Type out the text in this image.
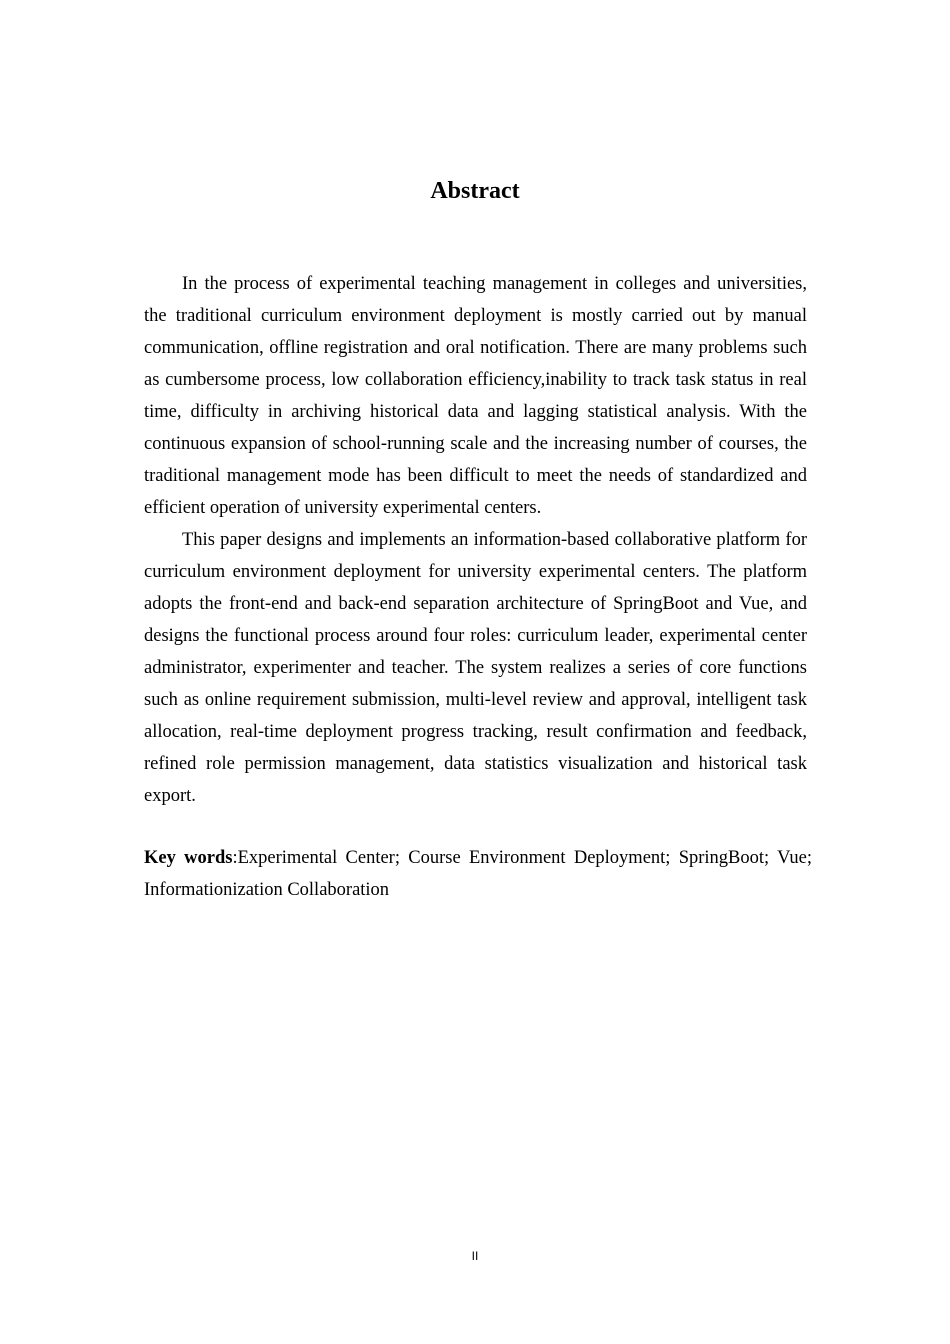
Abstract

In the process of experimental teaching management in colleges and universities, the traditional curriculum environment deployment is mostly carried out by manual communication, offline registration and oral notification. There are many problems such as cumbersome process, low collaboration efficiency,inability to track task status in real time, difficulty in archiving historical data and lagging statistical analysis. With the continuous expansion of school-running scale and the increasing number of courses, the traditional management mode has been difficult to meet the needs of standardized and efficient operation of university experimental centers.

This paper designs and implements an information-based collaborative platform for curriculum environment deployment for university experimental centers. The platform adopts the front-end and back-end separation architecture of SpringBoot and Vue, and designs the functional process around four roles: curriculum leader, experimental center administrator, experimenter and teacher. The system realizes a series of core functions such as online requirement submission, multi-level review and approval, intelligent task allocation, real-time deployment progress tracking, result confirmation and feedback, refined role permission management, data statistics visualization and historical task export.

Key words:Experimental Center; Course Environment Deployment; SpringBoot; Vue; Informationization Collaboration
II
